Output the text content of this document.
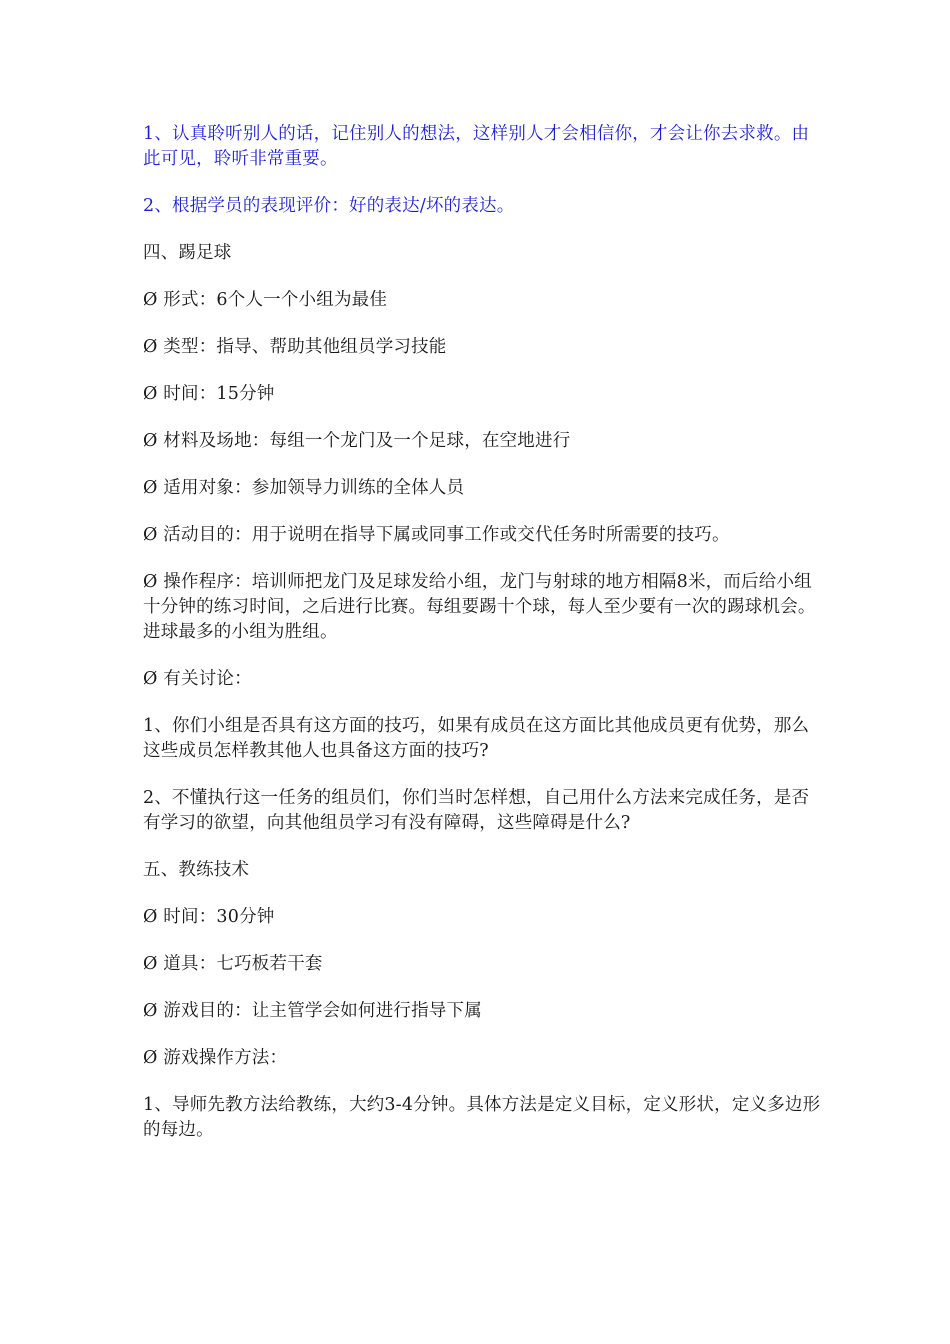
1、认真聆听别人的话，记住别人的想法，这样别人才会相信你，才会让你去求救。由此可见，聆听非常重要。

2、根据学员的表现评价：好的表达/坏的表达。

四、踢足球

Ø 形式：6个人一个小组为最佳

Ø 类型：指导、帮助其他组员学习技能

Ø 时间：15分钟

Ø 材料及场地：每组一个龙门及一个足球，在空地进行

Ø 适用对象：参加领导力训练的全体人员

Ø 活动目的：用于说明在指导下属或同事工作或交代任务时所需要的技巧。

Ø 操作程序：培训师把龙门及足球发给小组，龙门与射球的地方相隔8米，而后给小组十分钟的练习时间，之后进行比赛。每组要踢十个球，每人至少要有一次的踢球机会。进球最多的小组为胜组。

Ø 有关讨论：

1、你们小组是否具有这方面的技巧，如果有成员在这方面比其他成员更有优势，那么这些成员怎样教其他人也具备这方面的技巧?

2、不懂执行这一任务的组员们，你们当时怎样想，自己用什么方法来完成任务，是否有学习的欲望，向其他组员学习有没有障碍，这些障碍是什么?

五、教练技术

Ø 时间：30分钟

Ø 道具：七巧板若干套

Ø 游戏目的：让主管学会如何进行指导下属

Ø 游戏操作方法：

1、导师先教方法给教练，大约3-4分钟。具体方法是定义目标，定义形状，定义多边形的每边。
